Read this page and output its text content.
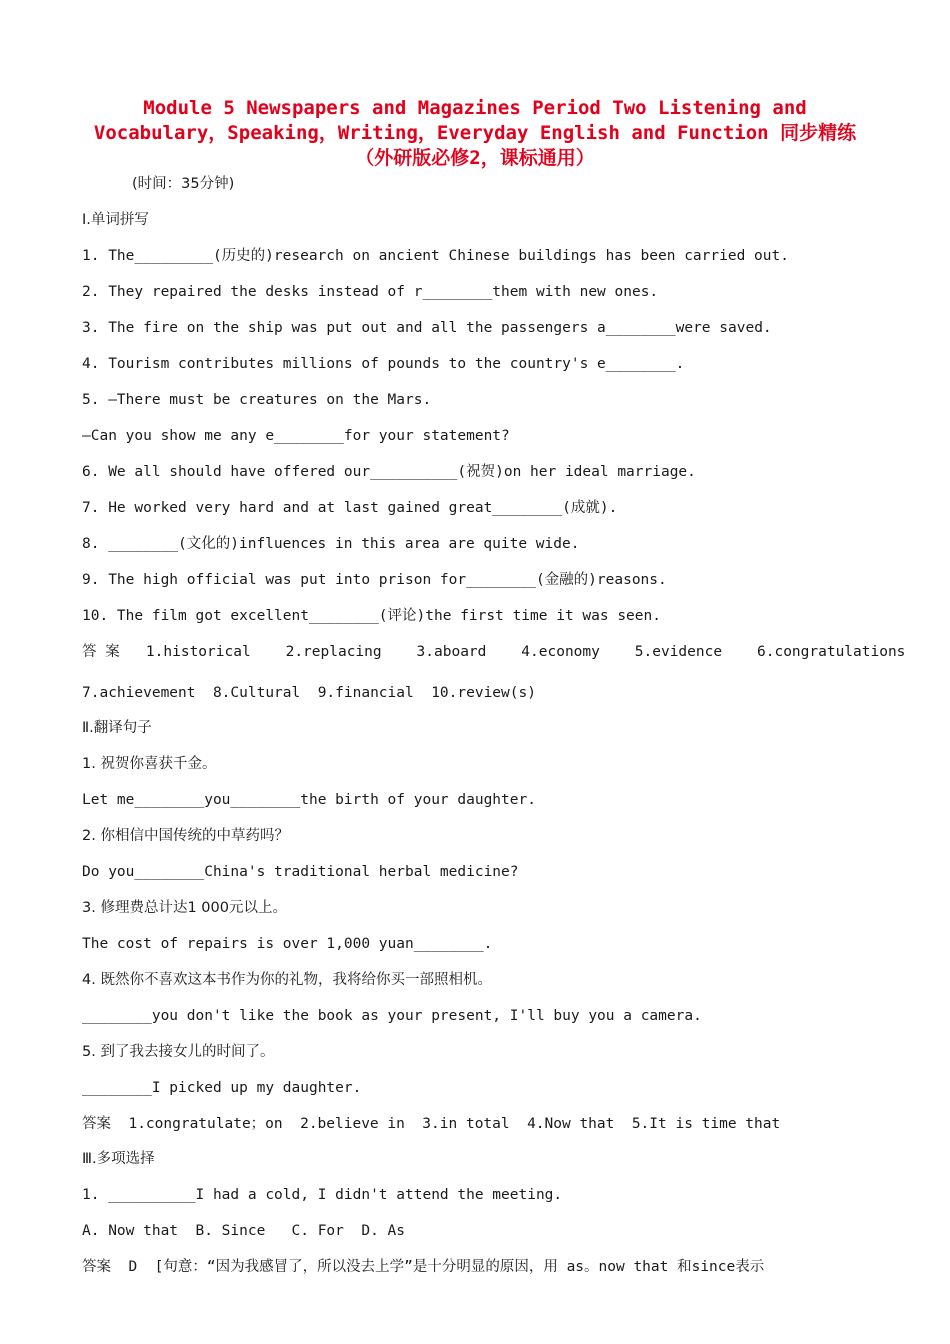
Module 5 Newspapers and Magazines Period Two Listening and
Vocabulary，Speaking，Writing，Everyday English and Function 同步精练
（外研版必修2，课标通用）
(时间：35分钟)
Ⅰ.单词拼写
1. The_________(历史的)research on ancient Chinese buildings has been carried out.
2. They repaired the desks instead of r________them with new ones.
3. The fire on the ship was put out and all the passengers a________were saved.
4. Tourism contributes millions of pounds to the country's e________.
5. —There must be creatures on the Mars.
—Can you show me any e________for your statement?
6. We all should have offered our__________(祝贺)on her ideal marriage.
7. He worked very hard and at last gained great________(成就).
8. ________(文化的)influences in this area are quite wide.
9. The high official was put into prison for________(金融的)reasons.
10. The film got excellent________(评论)the first time it was seen.
答 案   1.historical    2.replacing    3.aboard    4.economy    5.evidence    6.congratulations
7.achievement  8.Cultural  9.financial  10.review(s)
Ⅱ.翻译句子
1. 祝贺你喜获千金。
Let me________you________the birth of your daughter.
2. 你相信中国传统的中草药吗？
Do you________China's traditional herbal medicine?
3. 修理费总计达1 000元以上。
The cost of repairs is over 1,000 yuan________.
4. 既然你不喜欢这本书作为你的礼物，我将给你买一部照相机。
________you don't like the book as your present, I'll buy you a camera.
5. 到了我去接女儿的时间了。
________I picked up my daughter.
答案  1.congratulate；on  2.believe in  3.in total  4.Now that  5.It is time that
Ⅲ.多项选择
1. __________I had a cold, I didn't attend the meeting.
A. Now that  B. Since   C. For  D. As
答案  D  [句意：“因为我感冒了，所以没去上学”是十分明显的原因，用 as。now that 和since表示
